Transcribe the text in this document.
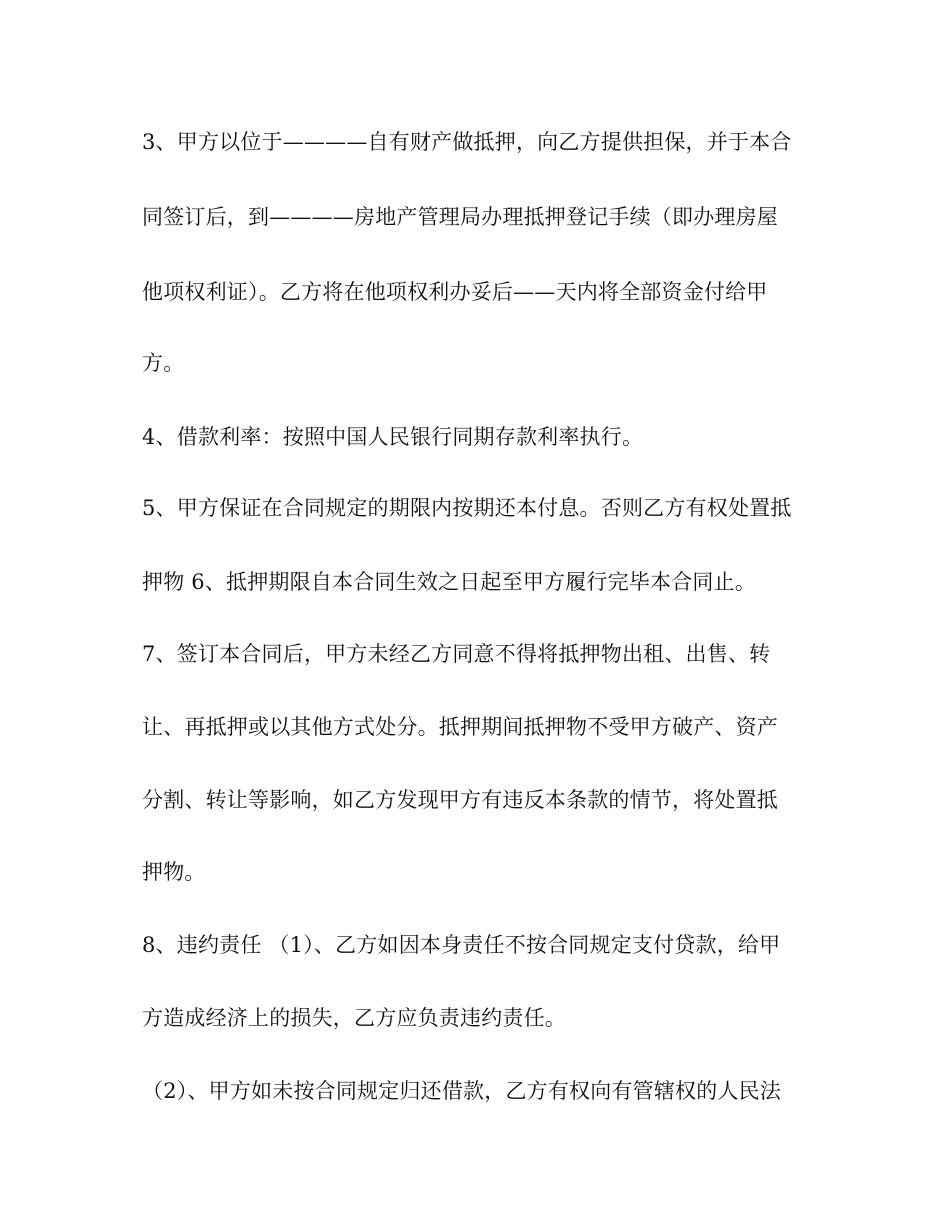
3、甲方以位于————自有财产做抵押，向乙方提供担保，并于本合
同签订后，到————房地产管理局办理抵押登记手续（即办理房屋
他项权利证）。乙方将在他项权利办妥后——天内将全部资金付给甲
方。
4、借款利率：按照中国人民银行同期存款利率执行。
5、甲方保证在合同规定的期限内按期还本付息。否则乙方有权处置抵
押物 6、抵押期限自本合同生效之日起至甲方履行完毕本合同止。
7、签订本合同后，甲方未经乙方同意不得将抵押物出租、出售、转
让、再抵押或以其他方式处分。抵押期间抵押物不受甲方破产、资产
分割、转让等影响，如乙方发现甲方有违反本条款的情节，将处置抵
押物。
8、违约责任 （1）、乙方如因本身责任不按合同规定支付贷款，给甲
方造成经济上的损失，乙方应负责违约责任。
（2）、甲方如未按合同规定归还借款，乙方有权向有管辖权的人民法
